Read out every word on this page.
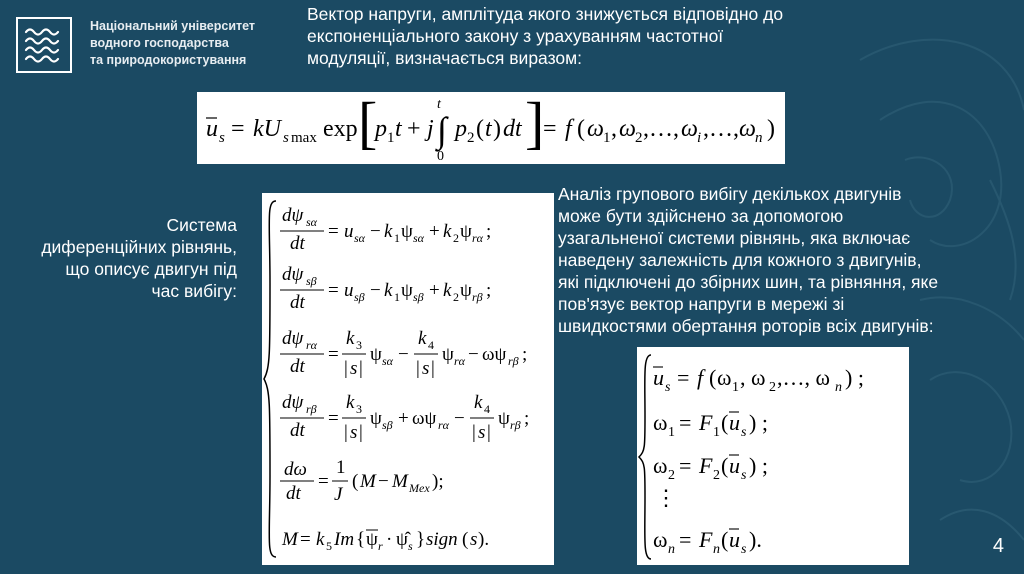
Національний університет
водного господарства
та природокористування
Вектор напруги, амплітуда якого знижується відповідно до
експоненціального закону з урахуванням частотної
модуляції, визначається виразом:
u s = kU s max exp [
p 1 t + j ∫
t
0
p 2 ( t ) dt ]
= f ( ω 1 , ω 2 ,…, ω i ,…, ω n )
Система
диференційних рівнянь,
що описує двигун під
час вибігу:
dψ sα
dt
= u sα − k 1 ψ sα + k 2 ψ rα ;
dψ sβ
dt
= u sβ − k 1 ψ sβ + k 2 ψ rβ ;
dψ rα
dt
=
k 3
| s |
ψ sα −
k 4
| s |
ψ rα − ωψ rβ ;
dψ rβ
dt
=
k 3
| s |
ψ sβ + ωψ rα −
k 4
| s |
ψ rβ ;
dω
dt
=
1
J
( M − M Mex );
M = k 5 Im { ψ r · ψ̂ s } sign ( s ).
Аналіз групового вибігу декількох двигунів
може бути здійснено за допомогою
узагальненої системи рівнянь, яка включає
наведену залежність для кожного з двигунів,
які підключені до збірних шин, та рівняння, яке
пов'язує вектор напруги в мережі зі
швидкостями обертання роторів всіх двигунів:
u s = f ( ω 1 , ω 2 ,…, ω n ) ;
ω 1 = F 1 ( u s ) ;
ω 2 = F 2 ( u s ) ;
⋮
ω n = F n ( u s ).	4
